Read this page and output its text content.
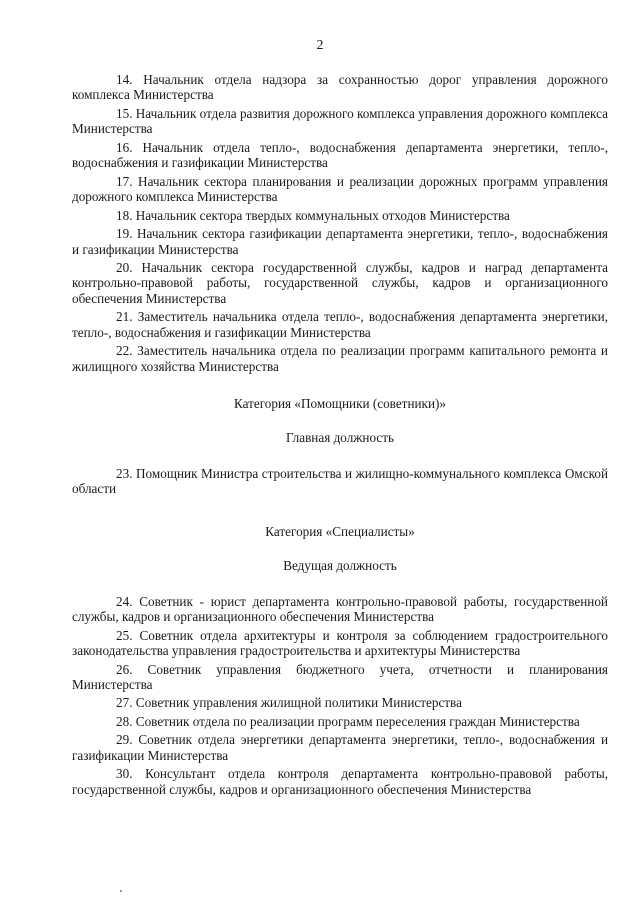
2

14. Начальник отдела надзора за сохранностью дорог управления дорожного комплекса Министерства

15. Начальник отдела развития дорожного комплекса управления дорожного комплекса Министерства

16. Начальник отдела тепло-, водоснабжения департамента энергетики, тепло-, водоснабжения и газификации Министерства

17. Начальник сектора планирования и реализации дорожных программ управления дорожного комплекса Министерства

18. Начальник сектора твердых коммунальных отходов Министерства

19. Начальник сектора газификации департамента энергетики, тепло-, водоснабжения и газификации Министерства

20. Начальник сектора государственной службы, кадров и наград департамента контрольно-правовой работы, государственной службы, кадров и организационного обеспечения Министерства

21. Заместитель начальника отдела тепло-, водоснабжения департамента энергетики, тепло-, водоснабжения и газификации Министерства

22. Заместитель начальника отдела по реализации программ капитального ремонта и жилищного хозяйства Министерства

Категория «Помощники (советники)»

Главная должность

23. Помощник Министра строительства и жилищно-коммунального комплекса Омской области

Категория «Специалисты»

Ведущая должность

24. Советник - юрист департамента контрольно-правовой работы, государственной службы, кадров и организационного обеспечения Министерства

25. Советник отдела архитектуры и контроля за соблюдением градостроительного законодательства управления градостроительства и архитектуры Министерства

26. Советник управления бюджетного учета, отчетности и планирования Министерства

27. Советник управления жилищной политики Министерства

28. Советник отдела по реализации программ переселения граждан Министерства

29. Советник отдела энергетики департамента энергетики, тепло-, водоснабжения и газификации Министерства

30. Консультант отдела контроля департамента контрольно-правовой работы, государственной службы, кадров и организационного обеспечения Министерства
